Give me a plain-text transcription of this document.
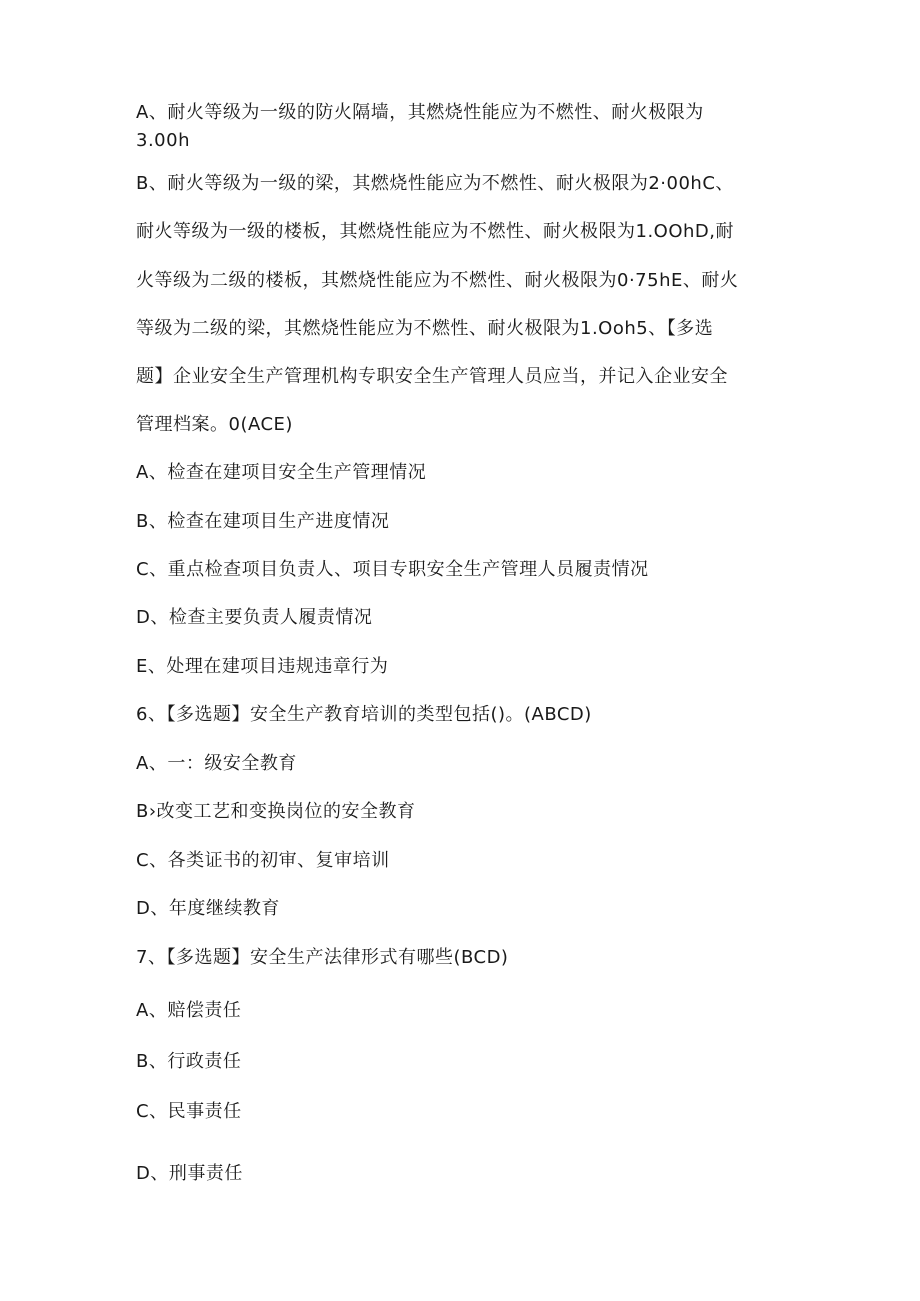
A、耐火等级为一级的防火隔墙，其燃烧性能应为不燃性、耐火极限为
3.00h
B、耐火等级为一级的梁，其燃烧性能应为不燃性、耐火极限为2·00hC、
耐火等级为一级的楼板，其燃烧性能应为不燃性、耐火极限为1.OOhD,耐
火等级为二级的楼板，其燃烧性能应为不燃性、耐火极限为0·75hE、耐火
等级为二级的梁，其燃烧性能应为不燃性、耐火极限为1.Ooh5、【多选
题】企业安全生产管理机构专职安全生产管理人员应当，并记入企业安全
管理档案。0(ACE)
A、检查在建项目安全生产管理情况
B、检查在建项目生产进度情况
C、重点检查项目负责人、项目专职安全生产管理人员履责情况
D、检查主要负责人履责情况
E、处理在建项目违规违章行为
6、【多选题】安全生产教育培训的类型包括()。(ABCD)
A、一：级安全教育
B›改变工艺和变换岗位的安全教育
C、各类证书的初审、复审培训
D、年度继续教育
7、【多选题】安全生产法律形式有哪些(BCD)
A、赔偿责任
B、行政责任
C、民事责任
D、刑事责任
